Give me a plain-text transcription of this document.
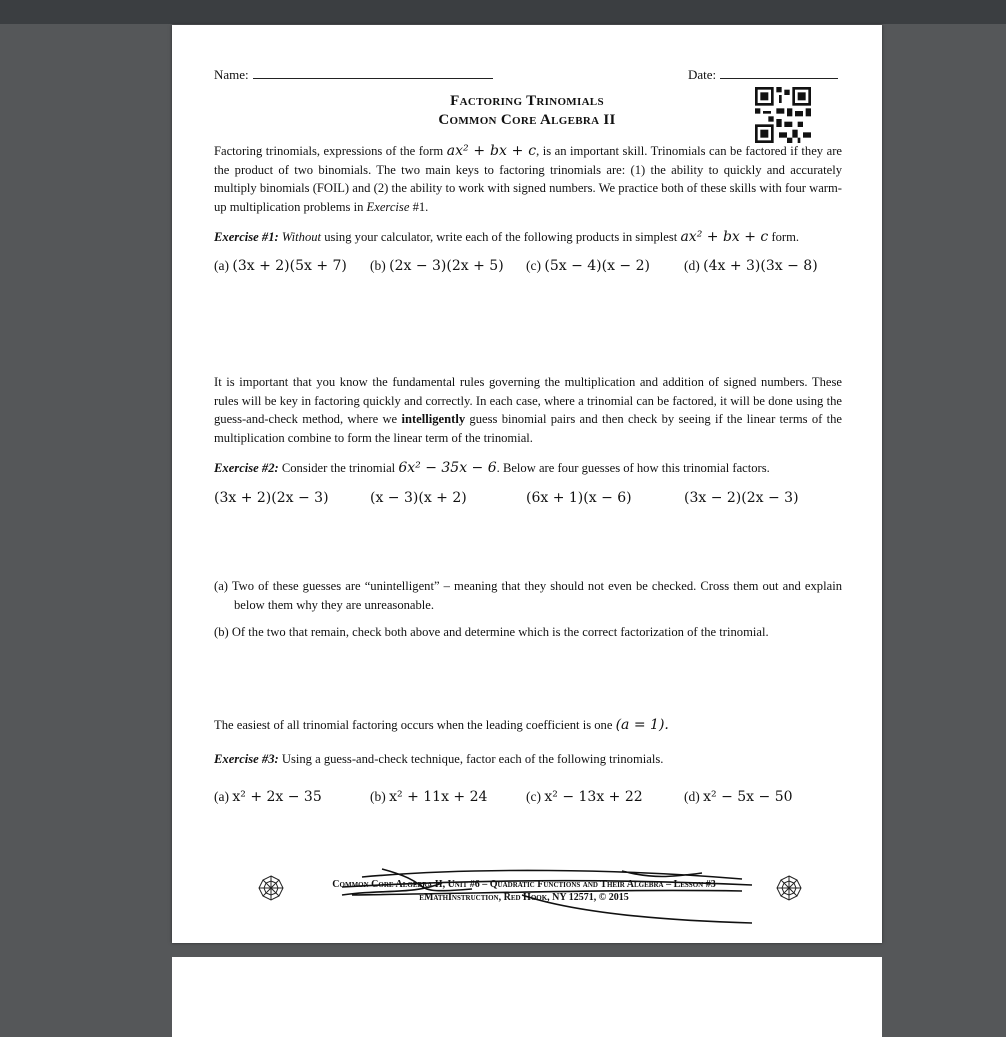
Name:	Date:
Factoring Trinomials
Common Core Algebra II
Factoring trinomials, expressions of the form ax² + bx + c, is an important skill. Trinomials can be factored if they are the product of two binomials. The two main keys to factoring trinomials are: (1) the ability to quickly and accurately multiply binomials (FOIL) and (2) the ability to work with signed numbers. We practice both of these skills with four warm-up multiplication problems in Exercise #1.
Exercise #1: Without using your calculator, write each of the following products in simplest ax² + bx + c form.
(a) (3x + 2)(5x + 7) (b) (2x − 3)(2x + 5) (c) (5x − 4)(x − 2)	(d) (4x + 3)(3x − 8)
It is important that you know the fundamental rules governing the multiplication and addition of signed numbers. These rules will be key in factoring quickly and correctly. In each case, where a trinomial can be factored, it will be done using the guess-and-check method, where we intelligently guess binomial pairs and then check by seeing if the linear terms of the multiplication combine to form the linear term of the trinomial.
Exercise #2: Consider the trinomial 6x² − 35x − 6. Below are four guesses of how this trinomial factors.
(3x + 2)(2x − 3)	(x − 3)(x + 2)	(6x + 1)(x − 6)	(3x − 2)(2x − 3)
(a) Two of these guesses are “unintelligent” – meaning that they should not even be checked. Cross them out and explain below them why they are unreasonable.
(b) Of the two that remain, check both above and determine which is the correct factorization of the trinomial.
The easiest of all trinomial factoring occurs when the leading coefficient is one (a = 1).
Exercise #3: Using a guess-and-check technique, factor each of the following trinomials.
(a) x² + 2x − 35	(b) x² + 11x + 24	(c) x² − 13x + 22	(d) x² − 5x − 50
Common Core Algebra II, Unit #6 – Quadratic Functions and Their Algebra – Lesson #3
eMathInstruction, Red Hook, NY 12571, © 2015
